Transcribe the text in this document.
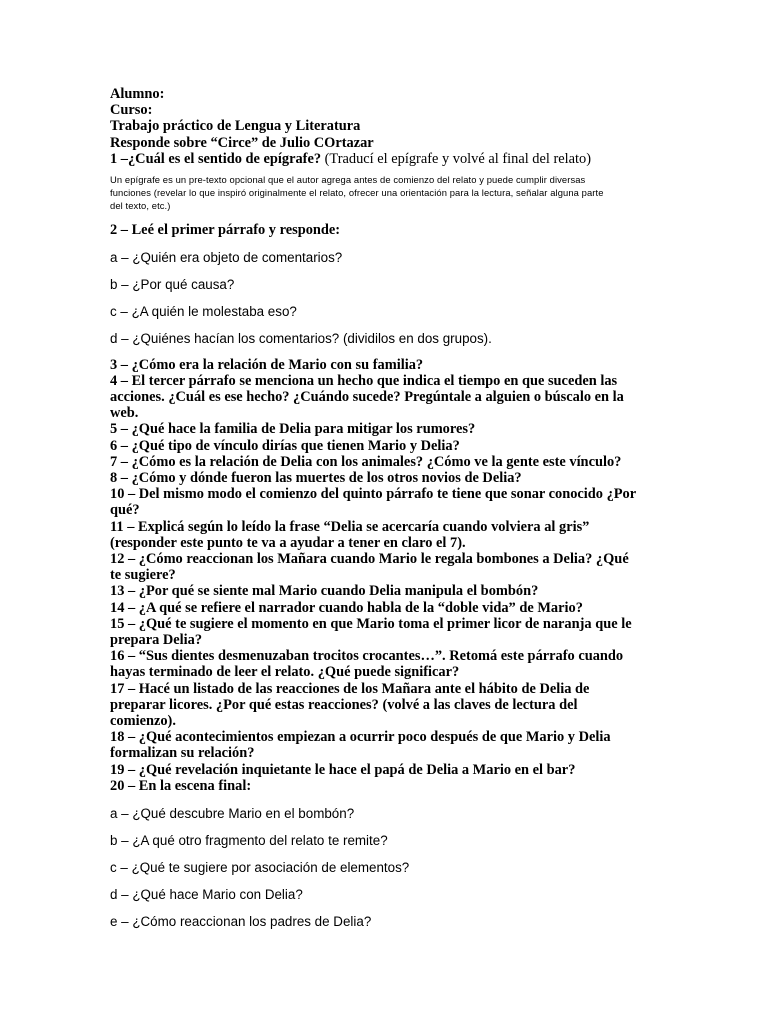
Alumno:
Curso:
Trabajo práctico de Lengua y Literatura
Responde sobre “Circe” de Julio COrtazar
1 –¿Cuál es el sentido de epígrafe? (Traducí el epígrafe y volvé al final del relato)
Un epígrafe es un pre-texto opcional que el autor agrega antes de comienzo del relato y puede cumplir diversas
funciones (revelar lo que inspiró originalmente el relato, ofrecer una orientación para la lectura, señalar alguna parte
del texto, etc.)
2 – Leé el primer párrafo y responde:
a – ¿Quién era objeto de comentarios?
b – ¿Por qué causa?
c – ¿A quién le molestaba eso?
d – ¿Quiénes hacían los comentarios? (dividilos en dos grupos).
3 – ¿Cómo era la relación de Mario con su familia?
4 – El tercer párrafo se menciona un hecho que indica el tiempo en que suceden las
acciones. ¿Cuál es ese hecho? ¿Cuándo sucede? Pregúntale a alguien o búscalo en la
web.
5 – ¿Qué hace la familia de Delia para mitigar los rumores?
6 – ¿Qué tipo de vínculo dirías que tienen Mario y Delia?
7 – ¿Cómo es la relación de Delia con los animales? ¿Cómo ve la gente este vínculo?
8 – ¿Cómo y dónde fueron las muertes de los otros novios de Delia?
10 – Del mismo modo el comienzo del quinto párrafo te tiene que sonar conocido ¿Por
qué?
11 – Explicá según lo leído la frase “Delia se acercaría cuando volviera al gris”
(responder este punto te va a ayudar a tener en claro el 7).
12 – ¿Cómo reaccionan los Mañara cuando Mario le regala bombones a Delia? ¿Qué
te sugiere?
13 – ¿Por qué se siente mal Mario cuando Delia manipula el bombón?
14 – ¿A qué se refiere el narrador cuando habla de la “doble vida” de Mario?
15 – ¿Qué te sugiere el momento en que Mario toma el primer licor de naranja que le
prepara Delia?
16 – “Sus dientes desmenuzaban trocitos crocantes…”. Retomá este párrafo cuando
hayas terminado de leer el relato. ¿Qué puede significar?
17 – Hacé un listado de las reacciones de los Mañara ante el hábito de Delia de
preparar licores. ¿Por qué estas reacciones? (volvé a las claves de lectura del
comienzo).
18 – ¿Qué acontecimientos empiezan a ocurrir poco después de que Mario y Delia
formalizan su relación?
19 – ¿Qué revelación inquietante le hace el papá de Delia a Mario en el bar?
20 – En la escena final:
a – ¿Qué descubre Mario en el bombón?
b – ¿A qué otro fragmento del relato te remite?
c – ¿Qué te sugiere por asociación de elementos?
d – ¿Qué hace Mario con Delia?
e – ¿Cómo reaccionan los padres de Delia?
